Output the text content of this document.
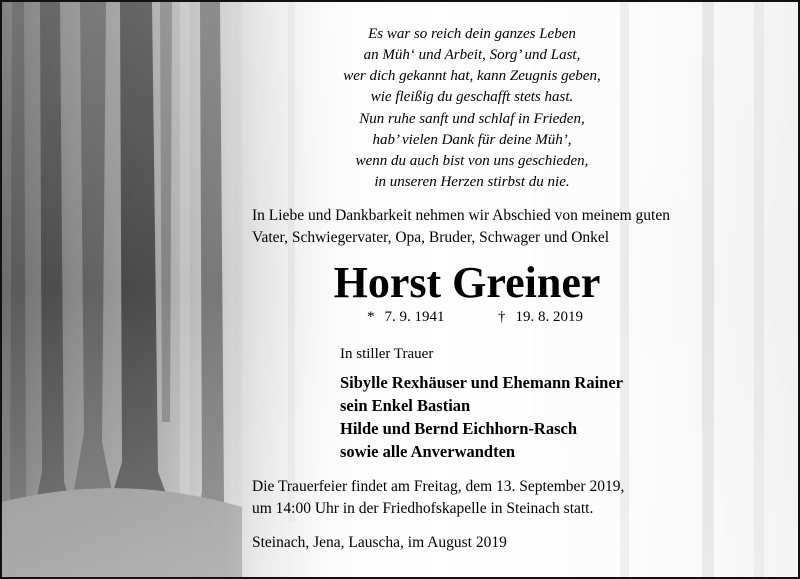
Es war so reich dein ganzes Leben
an Müh‘ und Arbeit, Sorg’ und Last,
wer dich gekannt hat, kann Zeugnis geben,
wie fleißig du geschafft stets hast.

Nun ruhe sanft und schlaf in Frieden,
hab’ vielen Dank für deine Müh’,
wenn du auch bist von uns geschieden,
in unseren Herzen stirbst du nie.

In Liebe und Dankbarkeit nehmen wir Abschied von meinem guten
Vater, Schwiegervater, Opa, Bruder, Schwager und Onkel

Horst Greiner
* 7. 9. 1941	† 19. 8. 2019

In stiller Trauer

Sibylle Rexhäuser und Ehemann Rainer
sein Enkel Bastian
Hilde und Bernd Eichhorn-Rasch
sowie alle Anverwandten

Die Trauerfeier findet am Freitag, dem 13. September 2019,
um 14:00 Uhr in der Friedhofskapelle in Steinach statt.

Steinach, Jena, Lauscha, im August 2019
